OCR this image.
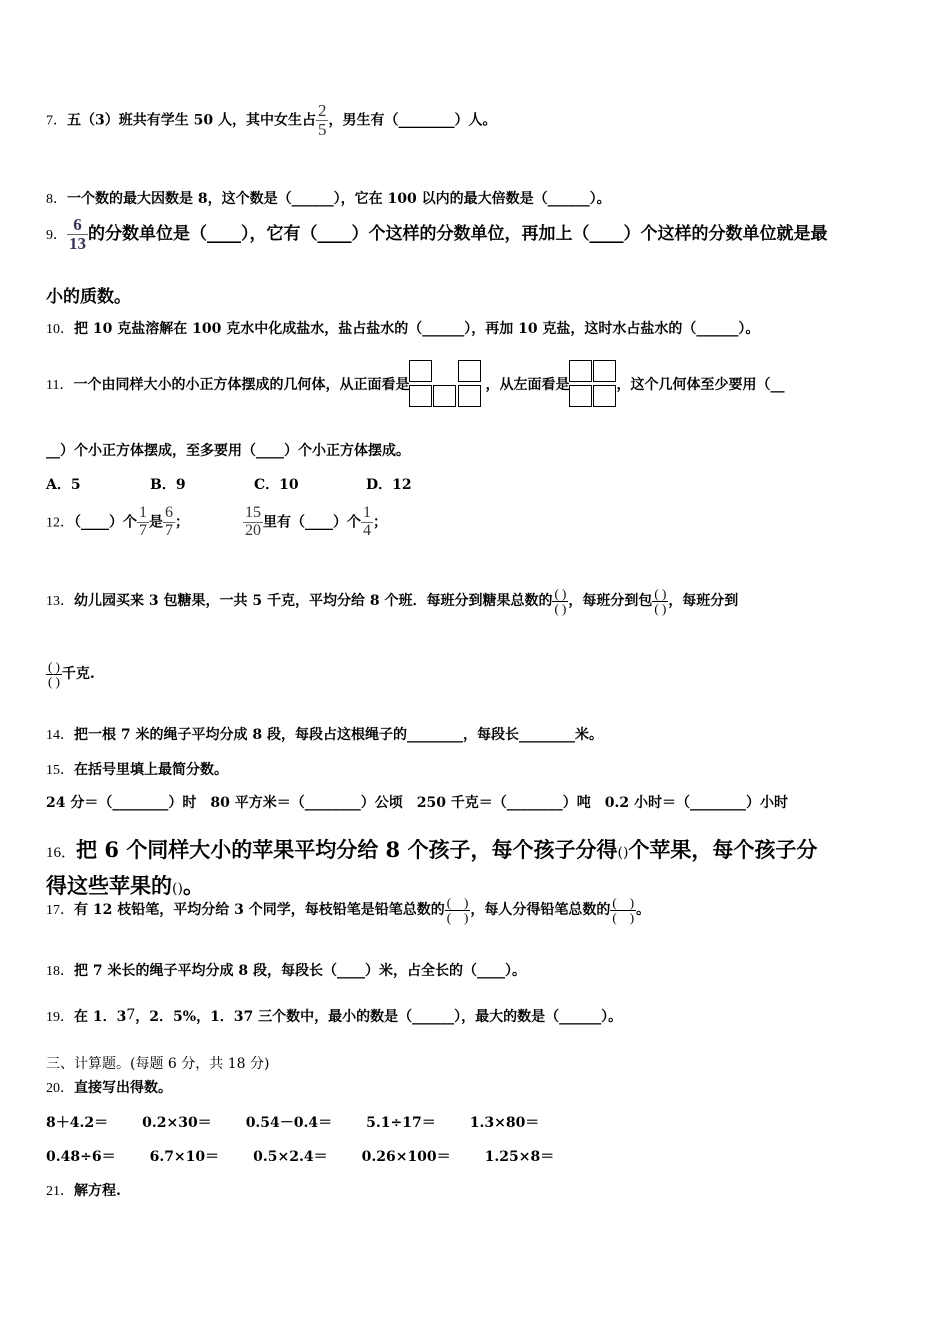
7．五（3）班共有学生 50 人，其中女生占 $\frac{2}{5}$ ，男生有（________）人。
8．一个数的最大因数是 8，这个数是（______），它在 100 以内的最大倍数是（______）。
9． $\frac{6}{13}$ 的分数单位是（____），它有（____）个这样的分数单位，再加上（____）个这样的分数单位就是最
小的质数。
10．把 10 克盐溶解在 100 克水中化成盐水，盐占盐水的（______），再加 10 克盐，这时水占盐水的（______）。
11．一个由同样大小的小正方体摆成的几何体，从正面看是	，从左面看是	，这个几何体至少要用（__
__）个小正方体摆成，至多要用（____）个小正方体摆成。
A．5	B．9	C．10	D．12
12．（____）个 $\frac{1}{7}$ 是 $\frac{6}{7}$ ；	$\frac{15}{20}$ 里有（____）个 $\frac{1}{4}$ ；
13．幼儿园买来 3 包糖果，一共 5 千克，平均分给 8 个班．每班分到糖果总数的 $\frac{( )}{( )}$ ，每班分到包 $\frac{( )}{( )}$ ，每班分到
$\frac{( )}{( )}$ 千克.
14．把一根 7 米的绳子平均分成 8 段，每段占这根绳子的________，每段长________米。
15．在括号里填上最简分数。
24 分＝（________）时　80 平方米＝（________）公顷　250 千克＝（________）吨　0.2 小时＝（________）小时
16．把 6 个同样大小的苹果平均分给 8 个孩子，每个孩子分得()个苹果，每个孩子分
得这些苹果的()。
17．有 12 枝铅笔，平均分给 3 个同学，每枝铅笔是铅笔总数的 $\frac{( )}{( )}$ ，每人分得铅笔总数的 $\frac{( )}{( )}$ 。
18．把 7 米长的绳子平均分成 8 段，每段长（____）米，占全长的（____）。
19．在 1．37，2．5%，1．37 三个数中，最小的数是（______），最大的数是（______）。
三、计算题。(每题 6 分，共 18 分)
20．直接写出得数。
8＋4.2＝ 0.2×30＝ 0.54－0.4＝ 5.1÷17＝ 1.3×80＝
0.48÷6＝ 6.7×10＝ 0.5×2.4＝ 0.26×100＝ 1.25×8＝
21．解方程.
